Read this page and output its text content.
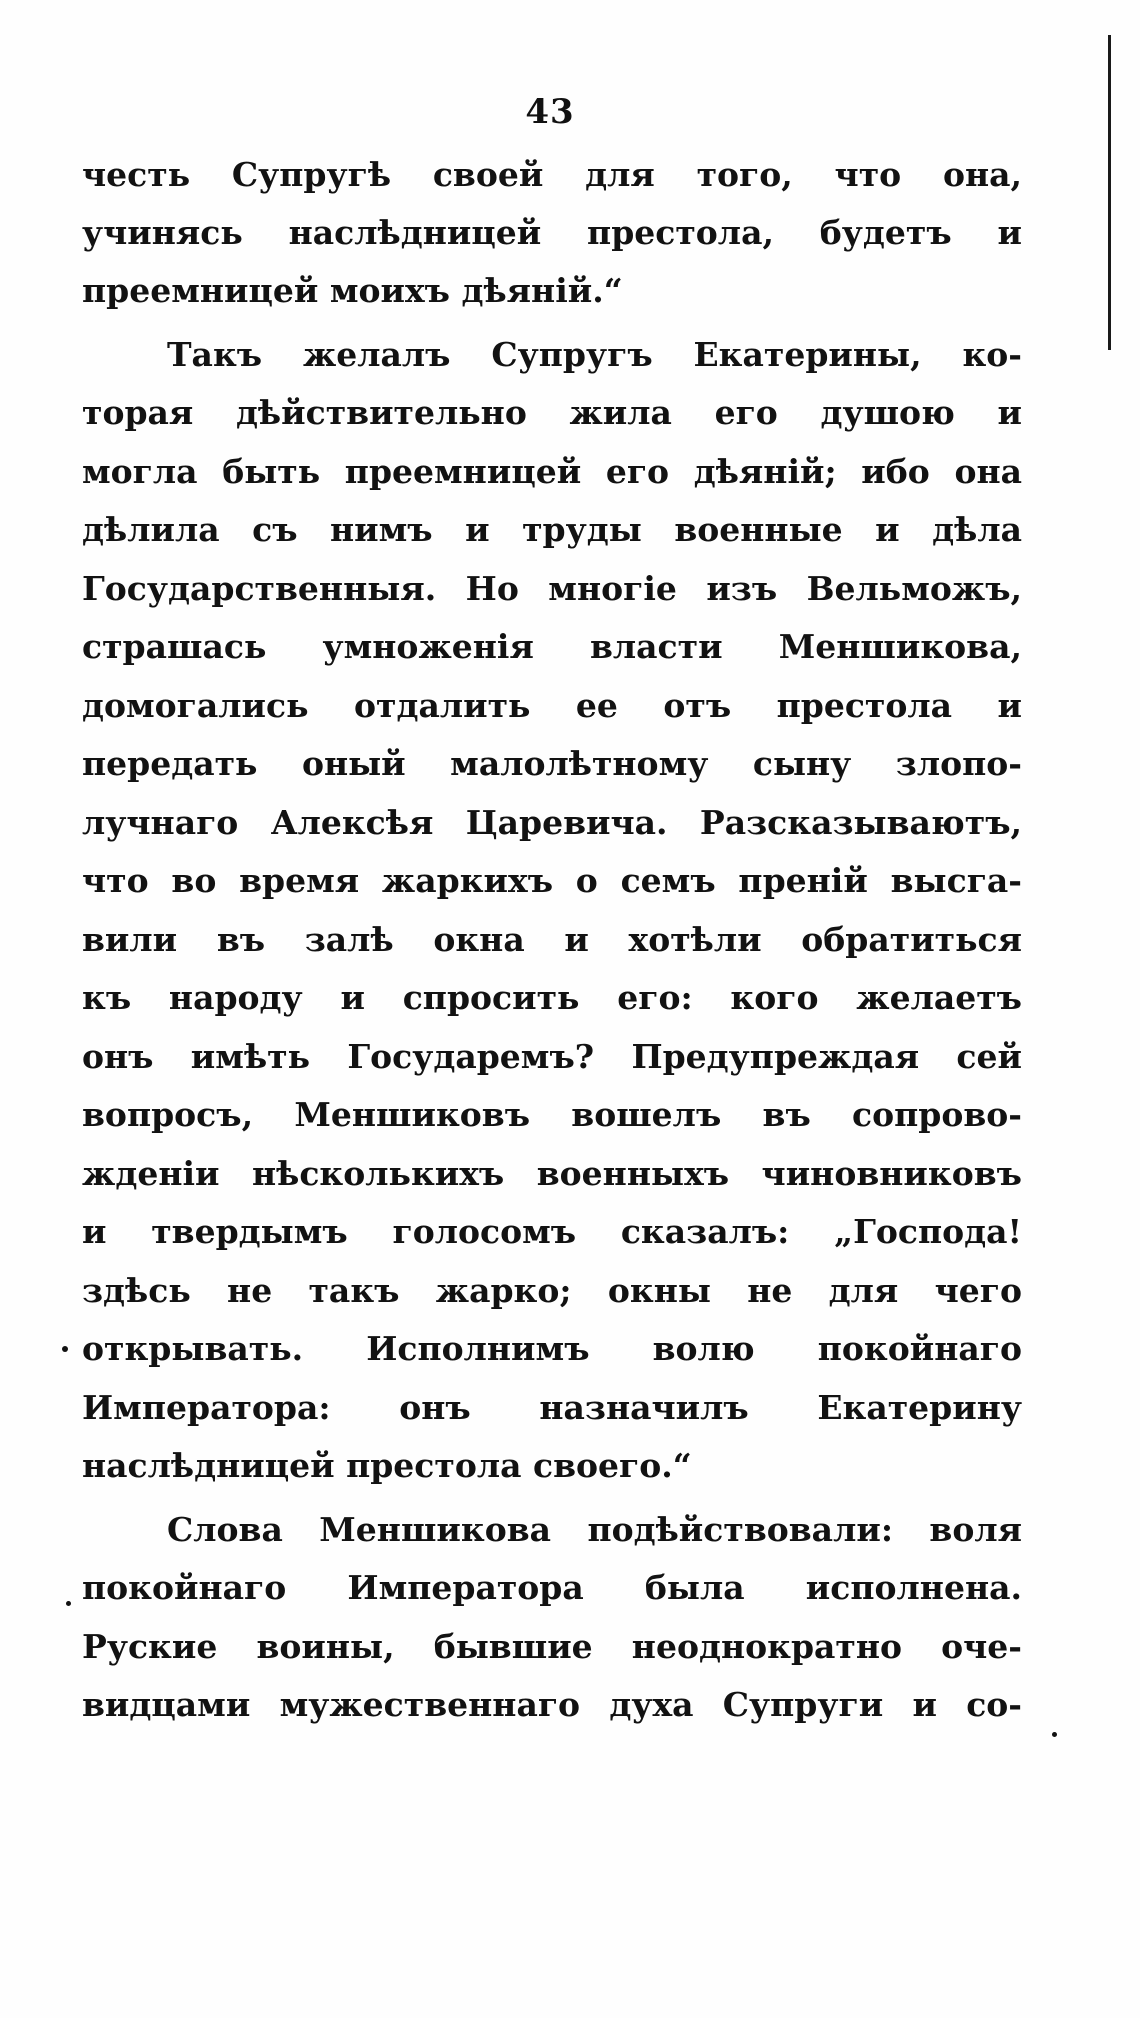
43
честь Супругѣ своей для того, что она,
учинясь наслѣдницей престола, будетъ и
преемницей моихъ дѣяній.“
Такъ желалъ Супругъ Екатерины, ко-
торая дѣйствительно жила его душою и
могла быть преемницей его дѣяній; ибо она
дѣлила съ нимъ и труды военные и дѣла
Государственныя. Но многіе изъ Вельможъ,
страшась умноженія власти Меншикова,
домогались отдалить ее отъ престола и
передать оный малолѣтному сыну злопо-
лучнаго Алексѣя Царевича. Разсказываютъ,
что во время жаркихъ о семъ преній высга-
вили въ залѣ окна и хотѣли обратиться
къ народу и спросить его: кого желаетъ
онъ имѣть Государемъ? Предупреждая сей
вопросъ, Меншиковъ вошелъ въ сопрово-
жденіи нѣсколькихъ военныхъ чиновниковъ
и твердымъ голосомъ сказалъ: „Господа!
здѣсь не такъ жарко; окны не для чего
открывать. Исполнимъ волю покойнаго
Императора: онъ назначилъ Екатерину
наслѣдницей престола своего.“
Слова Меншикова подѣйствовали: воля
покойнаго Императора была исполнена.
Руские воины, бывшие неоднократно оче-
видцами мужественнаго духа Супруги и со-
